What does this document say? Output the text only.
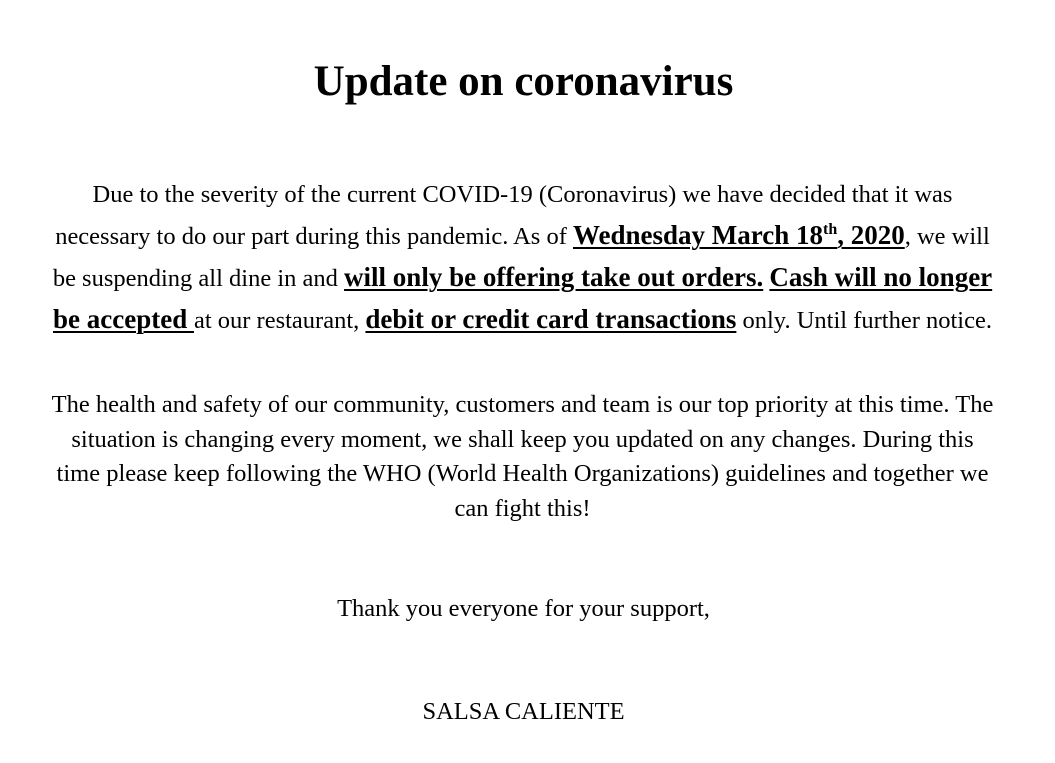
Update on coronavirus

Due to the severity of the current COVID-19 (Coronavirus) we have decided that it was necessary to do our part during this pandemic. As of Wednesday March 18th, 2020, we will be suspending all dine in and will only be offering take out orders. Cash will no longer be accepted at our restaurant, debit or credit card transactions only. Until further notice.

The health and safety of our community, customers and team is our top priority at this time. The situation is changing every moment, we shall keep you updated on any changes. During this time please keep following the WHO (World Health Organizations) guidelines and together we can fight this!

Thank you everyone for your support,

SALSA CALIENTE
